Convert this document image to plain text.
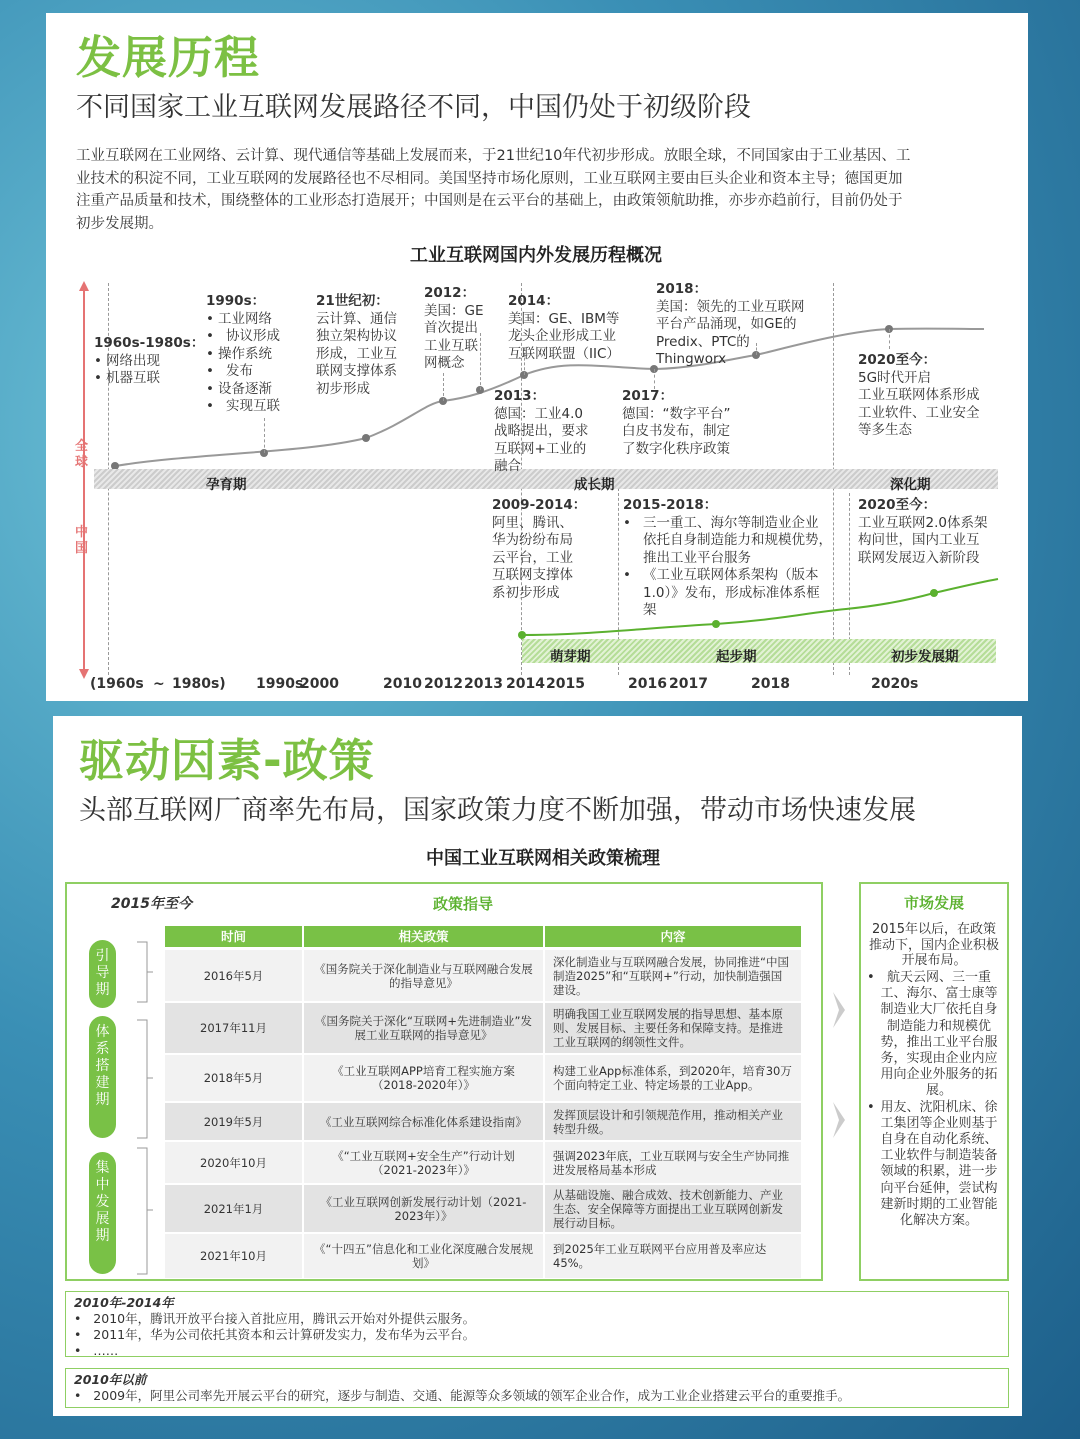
发展历程
不同国家工业互联网发展路径不同，中国仍处于初级阶段
工业互联网在工业网络、云计算、现代通信等基础上发展而来，于21世纪10年代初步形成。放眼全球，不同国家由于工业基因、工
业技术的积淀不同，工业互联网的发展路径也不尽相同。美国坚持市场化原则，工业互联网主要由巨头企业和资本主导；德国更加
注重产品质量和技术，围绕整体的工业形态打造展开；中国则是在云平台的基础上，由政策领航助推，亦步亦趋前行，目前仍处于
初步发展期。
工业互联网国内外发展历程概况
全球
中国
孕育期	成长期	深化期
1960s-1980s：
• 网络出现
• 机器互联
1990s：
• 工业网络
• 协议形成
• 操作系统
• 发布
• 设备逐渐
• 实现互联
21世纪初：
云计算、通信
独立架构协议
形成，工业互
联网支撑体系
初步形成
2012：
美国：GE
首次提出
工业互联
网概念
2013：
德国：工业4.0
战略提出，要求
互联网+工业的
融合
2014：
美国：GE、IBM等
龙头企业形成工业
互联网联盟（IIC）
2017：
德国：“数字平台”
白皮书发布，制定
了数字化秩序政策
2018：
美国：领先的工业互联网
平台产品涌现，如GE的
Predix、PTC的
Thingworx	2020至今：
5G时代开启
工业互联网体系形成
工业软件、工业安全
等多生态
2009-2014：
阿里、腾讯、
华为纷纷布局
云平台，工业
互联网支撑体
系初步形成
2015-2018：
• 三一重工、海尔等制造业企业
依托自身制造能力和规模优势，
推出工业平台服务
• 《工业互联网体系架构（版本
1.0）》发布，形成标准体系框
架
2020至今：
工业互联网2.0体系架
构问世，国内工业互
联网发展迈入新阶段
萌芽期	起步期	初步发展期
(1960s ~ 1980s) 1990s
2000	2010 2012 2013 2014 2015	2016 2017	2018	2020s
驱动因素-政策
头部互联网厂商率先布局，国家政策力度不断加强，带动市场快速发展
中国工业互联网相关政策梳理
2015年至今	政策指导
时间	相关政策	内容
引导期
体系搭建期
集中发展期
2016年5月	《国务院关于深化制造业与互联网融合发展的指导意见》
深化制造业与互联网融合发展，协同推进“中国制造2025”和“互联网+”行动，加快制造强国建设。
2017年11月	《国务院关于深化“互联网+先进制造业”发展工业互联网的指导意见》
明确我国工业互联网发展的指导思想、基本原则、发展目标、主要任务和保障支持。是推进工业互联网的纲领性文件。
2018年5月	《工业互联网APP培育工程实施方案（2018-2020年）》
构建工业App标准体系，到2020年，培育30万个面向特定工业、特定场景的工业App。
2019年5月	《工业互联网综合标准化体系建设指南》	发挥顶层设计和引领规范作用，推动相关产业转型升级。
2020年10月	《“工业互联网+安全生产”行动计划（2021-2023年）》
强调2023年底，工业互联网与安全生产协同推进发展格局基本形成
2021年1月	《工业互联网创新发展行动计划（2021-2023年）》
从基础设施、融合成效、技术创新能力、产业生态、安全保障等方面提出工业互联网创新发展行动目标。
2021年10月	《“十四五”信息化和工业化深度融合发展规划》
到2025年工业互联网平台应用普及率应达45%。
市场发展
2015年以后，在政策推动下，国内企业积极开展布局。
• 航天云网、三一重工、海尔、富士康等制造业大厂依托自身制造能力和规模优势，推出工业平台服务，实现由企业内应用向企业外服务的拓展。
• 用友、沈阳机床、徐工集团等企业则基于自身在自动化系统、工业软件与制造装备领域的积累，进一步向平台延伸，尝试构建新时期的工业智能化解决方案。
2010年-2014年
•   2010年，腾讯开放平台接入首批应用，腾讯云开始对外提供云服务。
•   2011年，华为公司依托其资本和云计算研发实力，发布华为云平台。
•   ……
2010年以前
•   2009年，阿里公司率先开展云平台的研究，逐步与制造、交通、能源等众多领域的领军企业合作，成为工业企业搭建云平台的重要推手。
